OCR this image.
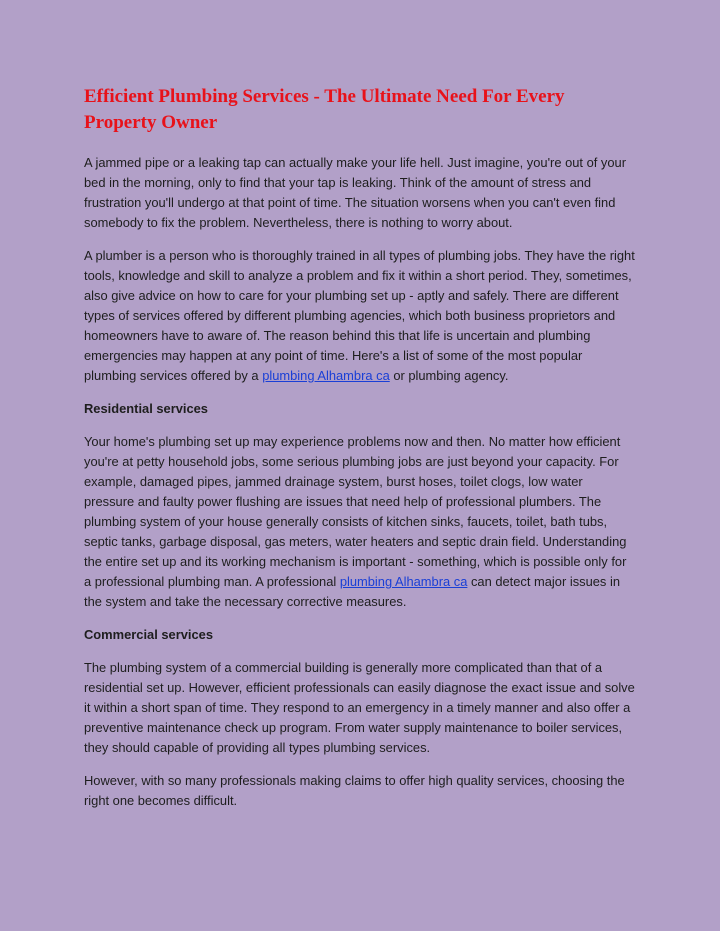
Efficient Plumbing Services - The Ultimate Need For Every Property Owner

A jammed pipe or a leaking tap can actually make your life hell. Just imagine, you're out of your bed in the morning, only to find that your tap is leaking. Think of the amount of stress and frustration you'll undergo at that point of time. The situation worsens when you can't even find somebody to fix the problem. Nevertheless, there is nothing to worry about.

A plumber is a person who is thoroughly trained in all types of plumbing jobs. They have the right tools, knowledge and skill to analyze a problem and fix it within a short period. They, sometimes, also give advice on how to care for your plumbing set up - aptly and safely. There are different types of services offered by different plumbing agencies, which both business proprietors and homeowners have to aware of. The reason behind this that life is uncertain and plumbing emergencies may happen at any point of time. Here's a list of some of the most popular plumbing services offered by a plumbing Alhambra ca or plumbing agency.

Residential services

Your home's plumbing set up may experience problems now and then. No matter how efficient you're at petty household jobs, some serious plumbing jobs are just beyond your capacity. For example, damaged pipes, jammed drainage system, burst hoses, toilet clogs, low water pressure and faulty power flushing are issues that need help of professional plumbers. The plumbing system of your house generally consists of kitchen sinks, faucets, toilet, bath tubs, septic tanks, garbage disposal, gas meters, water heaters and septic drain field. Understanding the entire set up and its working mechanism is important - something, which is possible only for a professional plumbing man. A professional plumbing Alhambra ca can detect major issues in the system and take the necessary corrective measures.

Commercial services

The plumbing system of a commercial building is generally more complicated than that of a residential set up. However, efficient professionals can easily diagnose the exact issue and solve it within a short span of time. They respond to an emergency in a timely manner and also offer a preventive maintenance check up program. From water supply maintenance to boiler services, they should capable of providing all types plumbing services.

However, with so many professionals making claims to offer high quality services, choosing the right one becomes difficult.
